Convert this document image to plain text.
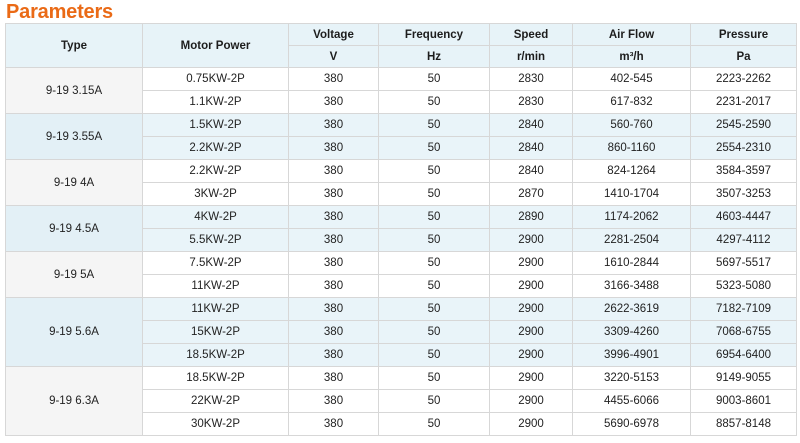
Parameters
Type	Motor Power	Voltage	Frequency	Speed	Air Flow	Pressure
		V	Hz	r/min	m³/h	Pa
9-19 3.15A	0.75KW-2P	380	50	2830	402-545	2223-2262
	1.1KW-2P	380	50	2830	617-832	2231-2017
9-19 3.55A	1.5KW-2P	380	50	2840	560-760	2545-2590
	2.2KW-2P	380	50	2840	860-1160	2554-2310
9-19 4A	2.2KW-2P	380	50	2840	824-1264	3584-3597
	3KW-2P	380	50	2870	1410-1704	3507-3253
9-19 4.5A	4KW-2P	380	50	2890	1174-2062	4603-4447
	5.5KW-2P	380	50	2900	2281-2504	4297-4112
9-19 5A	7.5KW-2P	380	50	2900	1610-2844	5697-5517
	11KW-2P	380	50	2900	3166-3488	5323-5080
9-19 5.6A	11KW-2P	380	50	2900	2622-3619	7182-7109
	15KW-2P	380	50	2900	3309-4260	7068-6755
	18.5KW-2P	380	50	2900	3996-4901	6954-6400
9-19 6.3A	18.5KW-2P	380	50	2900	3220-5153	9149-9055
	22KW-2P	380	50	2900	4455-6066	9003-8601
	30KW-2P	380	50	2900	5690-6978	8857-8148
